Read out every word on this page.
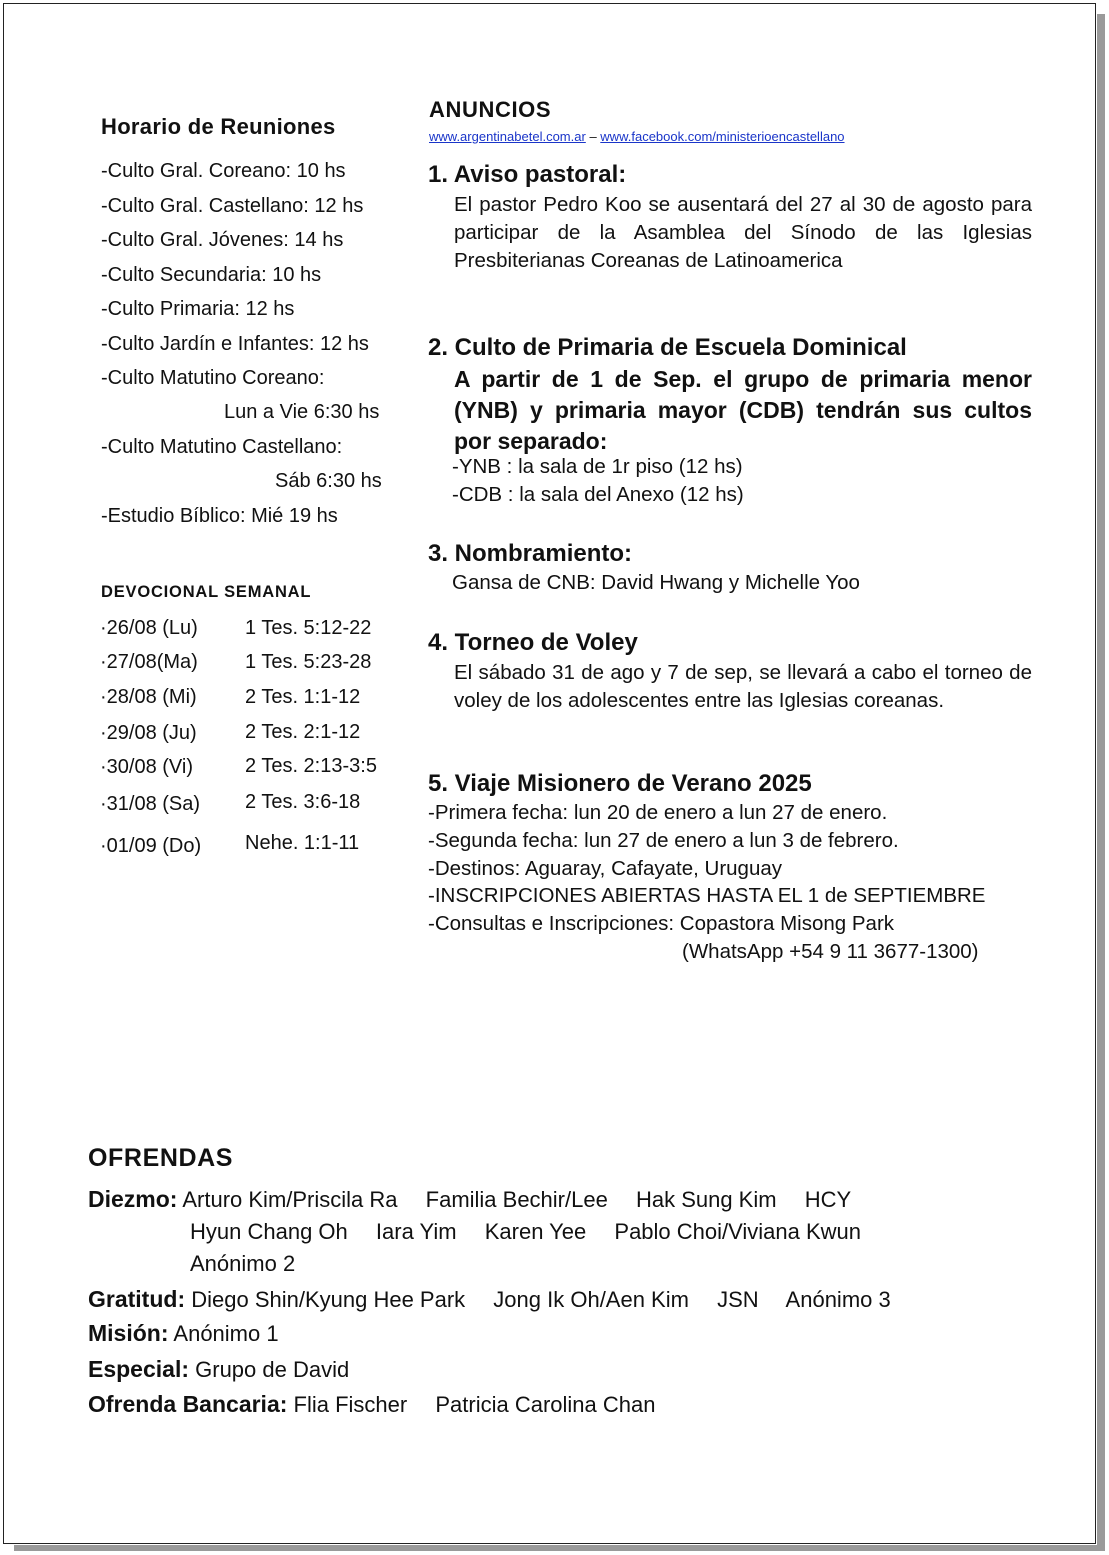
Horario de Reuniones
-Culto Gral. Coreano: 10 hs
-Culto Gral. Castellano: 12 hs
-Culto Gral. Jóvenes: 14 hs
-Culto Secundaria: 10 hs
-Culto Primaria: 12 hs
-Culto Jardín e Infantes: 12 hs
-Culto Matutino Coreano:
Lun a Vie 6:30 hs
-Culto Matutino Castellano:
Sáb 6:30 hs
-Estudio Bíblico: Mié 19 hs
DEVOCIONAL SEMANAL
·26/08 (Lu) 1 Tes. 5:12-22
·27/08(Ma) 1 Tes. 5:23-28
·28/08 (Mi) 2 Tes. 1:1-12
·29/08 (Ju) 2 Tes. 2:1-12
·30/08 (Vi)	2 Tes. 2:13-3:5
·31/08 (Sa) 2 Tes. 3:6-18
·01/09 (Do) Nehe. 1:1-11
ANUNCIOS
www.argentinabetel.com.ar – www.facebook.com/ministerioencastellano
1. Aviso pastoral:

El pastor Pedro Koo se ausentará del 27 al 30 de agosto para participar de la Asamblea del Sínodo de las Iglesias Presbiterianas Coreanas de Latinoamerica

2. Culto de Primaria de Escuela Dominical

A partir de 1 de Sep. el grupo de primaria menor (YNB) y primaria mayor (CDB) tendrán sus cultos por separado:

-YNB : la sala de 1r piso (12 hs)
-CDB : la sala del Anexo (12 hs)
3. Nombramiento:
Gansa de CNB: David Hwang y Michelle Yoo
4. Torneo de Voley

El sábado 31 de ago y 7 de sep, se llevará a cabo el torneo de voley de los adolescentes entre las Iglesias coreanas.

5. Viaje Misionero de Verano 2025
-Primera fecha: lun 20 de enero a lun 27 de enero.
-Segunda fecha: lun 27 de enero a lun 3 de febrero.
-Destinos: Aguaray, Cafayate, Uruguay
-INSCRIPCIONES ABIERTAS HASTA EL 1 de SEPTIEMBRE
-Consultas e Inscripciones: Copastora Misong Park
(WhatsApp +54 9 11 3677-1300)
OFRENDAS
Diezmo: Arturo Kim/Priscila Ra Familia Bechir/Lee Hak Sung Kim HCY
Hyun Chang Oh Iara Yim Karen Yee Pablo Choi/Viviana Kwun
Anónimo 2
Gratitud: Diego Shin/Kyung Hee Park Jong Ik Oh/Aen Kim JSN Anónimo 3
Misión: Anónimo 1
Especial: Grupo de David
Ofrenda Bancaria: Flia Fischer Patricia Carolina Chan
